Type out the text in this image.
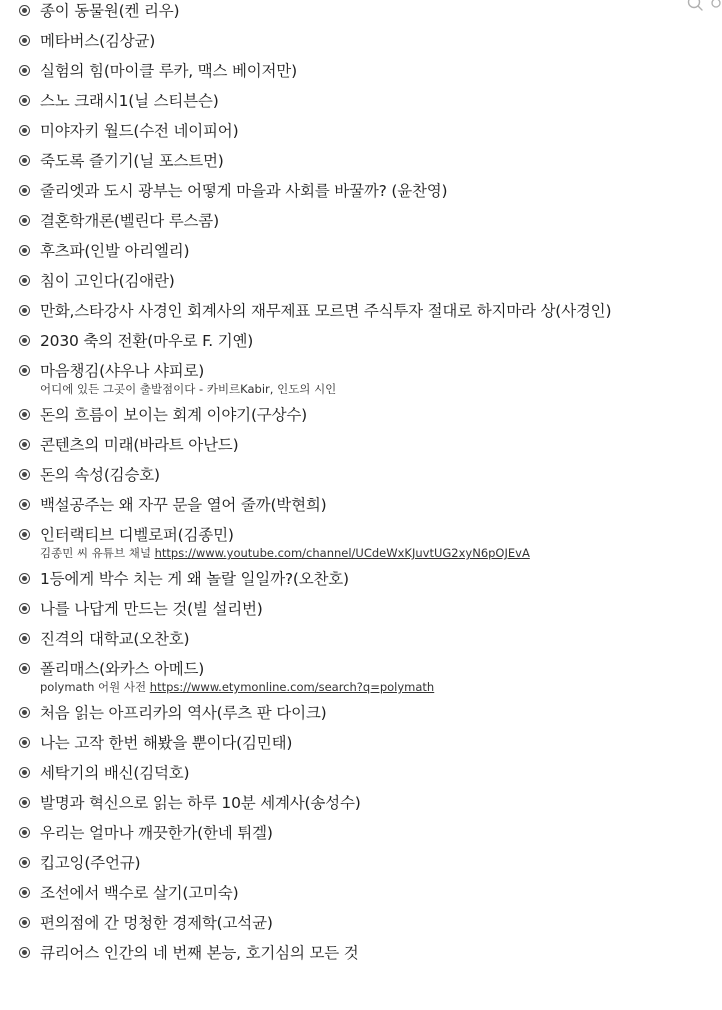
종이 동물원(켄 리우)
메타버스(김상균)
실험의 힘(마이클 루카, 맥스 베이저만)
스노 크래시1(닐 스티븐슨)
미야자키 월드(수전 네이피어)
죽도록 즐기기(닐 포스트먼)
줄리엣과 도시 광부는 어떻게 마을과 사회를 바꿀까? (윤찬영)
결혼학개론(벨린다 루스콤)
후츠파(인발 아리엘리)
침이 고인다(김애란)
만화,스타강사 사경인 회계사의 재무제표 모르면 주식투자 절대로 하지마라 상(사경인)
2030 축의 전환(마우로 F. 기옌)
마음챙김(샤우나 샤피로)
어디에 있든 그곳이 출발점이다 - 카비르Kabir, 인도의 시인
돈의 흐름이 보이는 회계 이야기(구상수)
콘텐츠의 미래(바라트 아난드)
돈의 속성(김승호)
백설공주는 왜 자꾸 문을 열어 줄까(박현희)
인터랙티브 디벨로퍼(김종민)
김종민 씨 유튜브 채널 https://www.youtube.com/channel/UCdeWxKJuvtUG2xyN6pOJEvA
1등에게 박수 치는 게 왜 놀랄 일일까?(오찬호)
나를 나답게 만드는 것(빌 설리번)
진격의 대학교(오찬호)
폴리매스(와카스 아메드)
polymath 어원 사전 https://www.etymonline.com/search?q=polymath
처음 읽는 아프리카의 역사(루츠 판 다이크)
나는 고작 한번 해봤을 뿐이다(김민태)
세탁기의 배신(김덕호)
발명과 혁신으로 읽는 하루 10분 세계사(송성수)
우리는 얼마나 깨끗한가(한네 튀겔)
킵고잉(주언규)
조선에서 백수로 살기(고미숙)
편의점에 간 멍청한 경제학(고석균)
큐리어스 인간의 네 번째 본능, 호기심의 모든 것
